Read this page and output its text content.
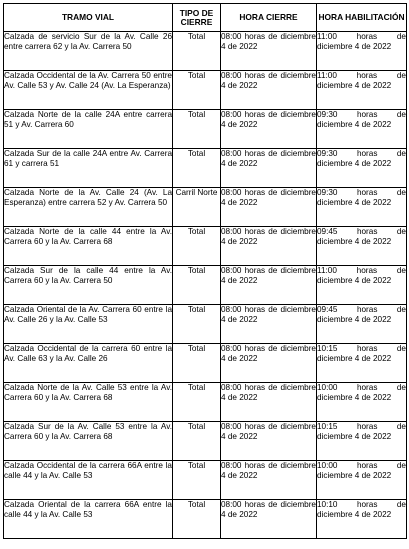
TRAMO VIAL	TIPO DE CIERRE	HORA CIERRE	HORA HABILITACIÓN
Calzada de servicio Sur de la Av. Calle 26 entre carrera 62 y la Av. Carrera 50	Total	08:00 horas de diciembre 4 de 2022	11:00 horas de diciembre 4 de 2022
Calzada Occidental de la Av. Carrera 50 entre Av. Calle 53 y Av. Calle 24 (Av. La Esperanza)	Total	08:00 horas de diciembre 4 de 2022	11:00 horas de diciembre 4 de 2022
Calzada Norte de la calle 24A entre carrera 51 y Av. Carrera 60	Total	08:00 horas de diciembre 4 de 2022	09:30 horas de diciembre 4 de 2022
Calzada Sur de la calle 24A entre Av. Carrera 61 y carrera 51	Total	08:00 horas de diciembre 4 de 2022	09:30 horas de diciembre 4 de 2022
Calzada Norte de la Av. Calle 24 (Av. La Esperanza) entre carrera 52 y Av. Carrera 50	Carril Norte	08:00 horas de diciembre 4 de 2022	09:30 horas de diciembre 4 de 2022
Calzada Norte de la calle 44 entre la Av. Carrera 60 y la Av. Carrera 68	Total	08:00 horas de diciembre 4 de 2022	09:45 horas de diciembre 4 de 2022
Calzada Sur de la calle 44 entre la Av. Carrera 60 y la Av. Carrera 50	Total	08:00 horas de diciembre 4 de 2022	11:00 horas de diciembre 4 de 2022
Calzada Oriental de la Av. Carrera 60 entre la Av. Calle 26 y la Av. Calle 53	Total	08:00 horas de diciembre 4 de 2022	09:45 horas de diciembre 4 de 2022
Calzada Occidental de la carrera 60 entre la Av. Calle 63 y la Av. Calle 26	Total	08:00 horas de diciembre 4 de 2022	10:15 horas de diciembre 4 de 2022
Calzada Norte de la Av. Calle 53 entre la Av. Carrera 60 y la Av. Carrera 68	Total	08:00 horas de diciembre 4 de 2022	10:00 horas de diciembre 4 de 2022
Calzada Sur de la Av. Calle 53 entre la Av. Carrera 60 y la Av. Carrera 68	Total	08:00 horas de diciembre 4 de 2022	10:15 horas de diciembre 4 de 2022
Calzada Occidental de la carrera 66A entre la calle 44 y la Av. Calle 53	Total	08:00 horas de diciembre 4 de 2022	10:00 horas de diciembre 4 de 2022
Calzada Oriental de la carrera 66A entre la calle 44 y la Av. Calle 53	Total	08:00 horas de diciembre 4 de 2022	10:10 horas de diciembre 4 de 2022
